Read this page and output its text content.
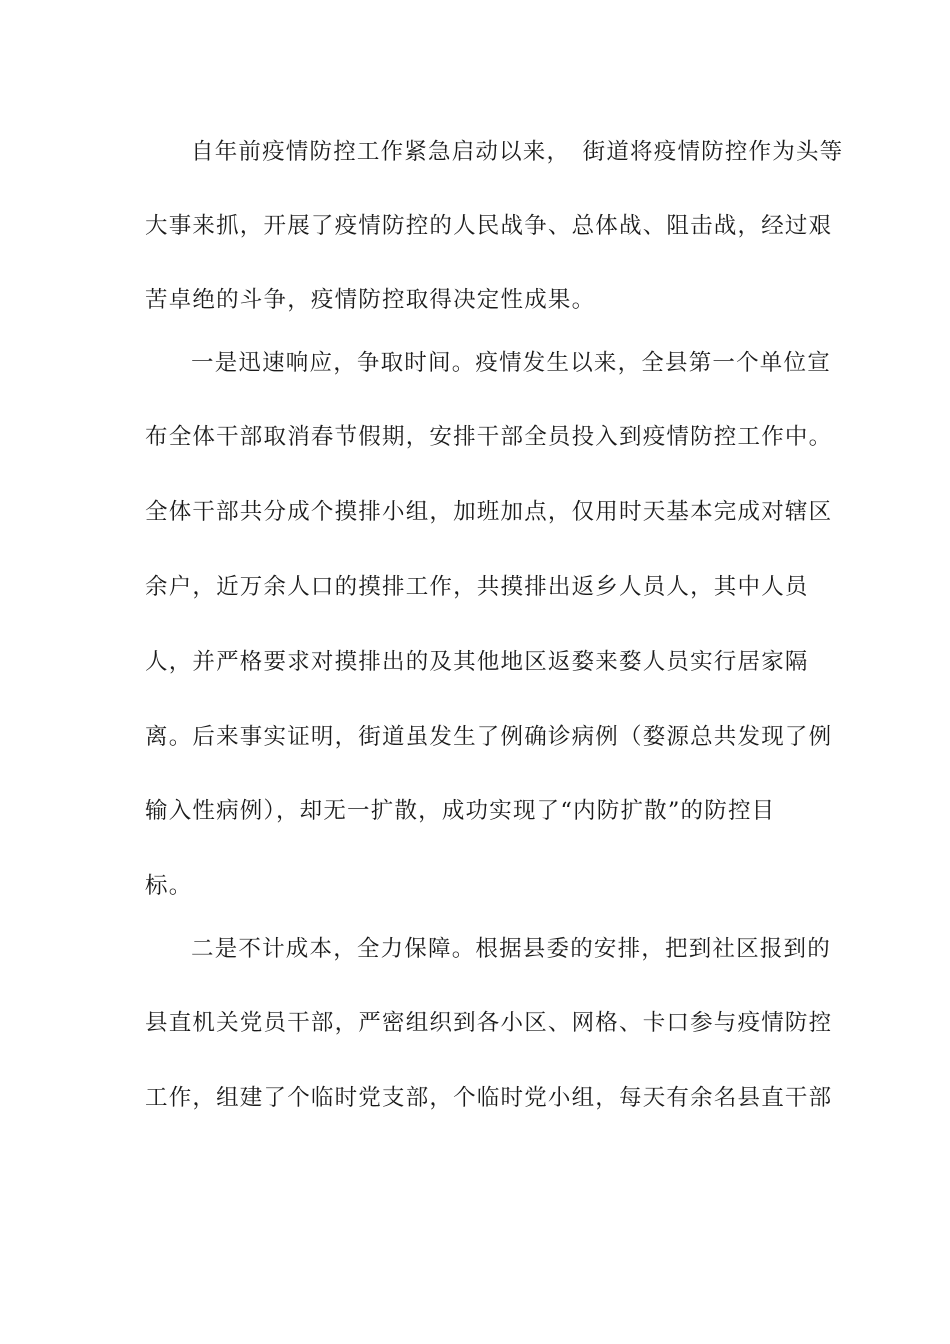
自年前疫情防控工作紧急启动以来，　街道将疫情防控作为头等
大事来抓，开展了疫情防控的人民战争、总体战、阻击战，经过艰
苦卓绝的斗争，疫情防控取得决定性成果。
一是迅速响应，争取时间。疫情发生以来，全县第一个单位宣
布全体干部取消春节假期，安排干部全员投入到疫情防控工作中。
全体干部共分成个摸排小组，加班加点，仅用时天基本完成对辖区
余户，近万余人口的摸排工作，共摸排出返乡人员人，其中人员
人，并严格要求对摸排出的及其他地区返婺来婺人员实行居家隔
离。后来事实证明，街道虽发生了例确诊病例（婺源总共发现了例
输入性病例），却无一扩散，成功实现了“内防扩散”的防控目
标。
二是不计成本，全力保障。根据县委的安排，把到社区报到的
县直机关党员干部，严密组织到各小区、网格、卡口参与疫情防控
工作，组建了个临时党支部，个临时党小组，每天有余名县直干部
